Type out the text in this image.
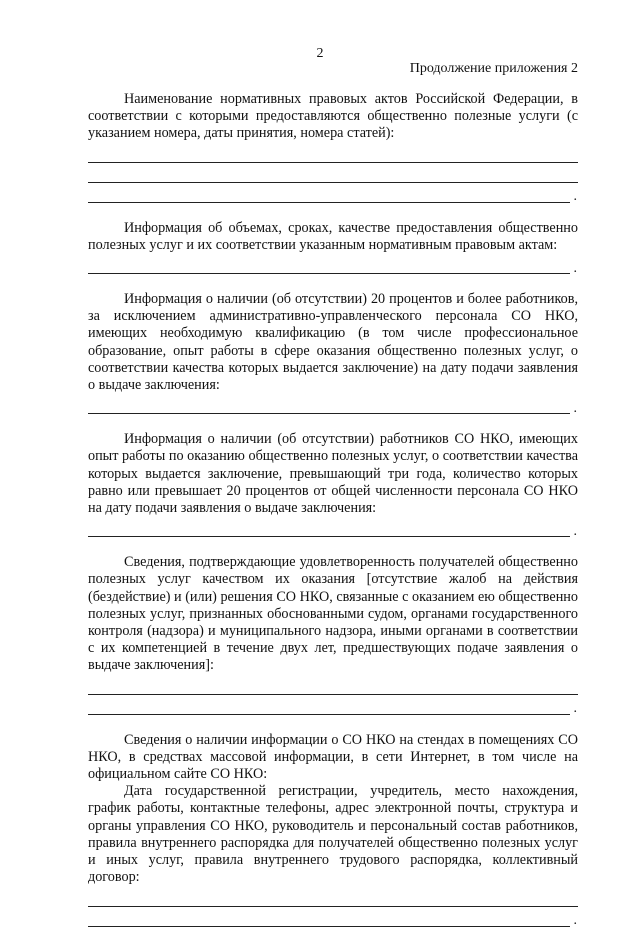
2
Продолжение приложения 2

Наименование нормативных правовых актов Российской Федерации, в соответствии с которыми предоставляются общественно полезные услуги (с указанием номера, даты принятия, номера статей):

.

Информация об объемах, сроках, качестве предоставления общественно полезных услуг и их соответствии указанным нормативным правовым актам:

.

Информация о наличии (об отсутствии) 20 процентов и более работников, за исключением административно-управленческого персонала СО НКО, имеющих необходимую квалификацию (в том числе профессиональное образование, опыт работы в сфере оказания общественно полезных услуг, о соответствии качества которых выдается заключение) на дату подачи заявления о выдаче заключения:

.

Информация о наличии (об отсутствии) работников СО НКО, имеющих опыт работы по оказанию общественно полезных услуг, о соответствии качества которых выдается заключение, превышающий три года, количество которых равно или превышает 20 процентов от общей численности персонала СО НКО на дату подачи заявления о выдаче заключения:

.

Сведения, подтверждающие удовлетворенность получателей общественно полезных услуг качеством их оказания [отсутствие жалоб на действия (бездействие) и (или) решения СО НКО, связанные с оказанием ею общественно полезных услуг, признанных обоснованными судом, органами государственного контроля (надзора) и муниципального надзора, иными органами в соответствии с их компетенцией в течение двух лет, предшествующих подаче заявления о выдаче заключения]:

.

Сведения о наличии информации о СО НКО на стендах в помещениях СО НКО, в средствах массовой информации, в сети Интернет, в том числе на официальном сайте СО НКО:

Дата государственной регистрации, учредитель, место нахождения, график работы, контактные телефоны, адрес электронной почты, структура и органы управления СО НКО, руководитель и персональный состав работников, правила внутреннего распорядка для получателей общественно полезных услуг и иных услуг, правила внутреннего трудового распорядка, коллективный договор:

.
